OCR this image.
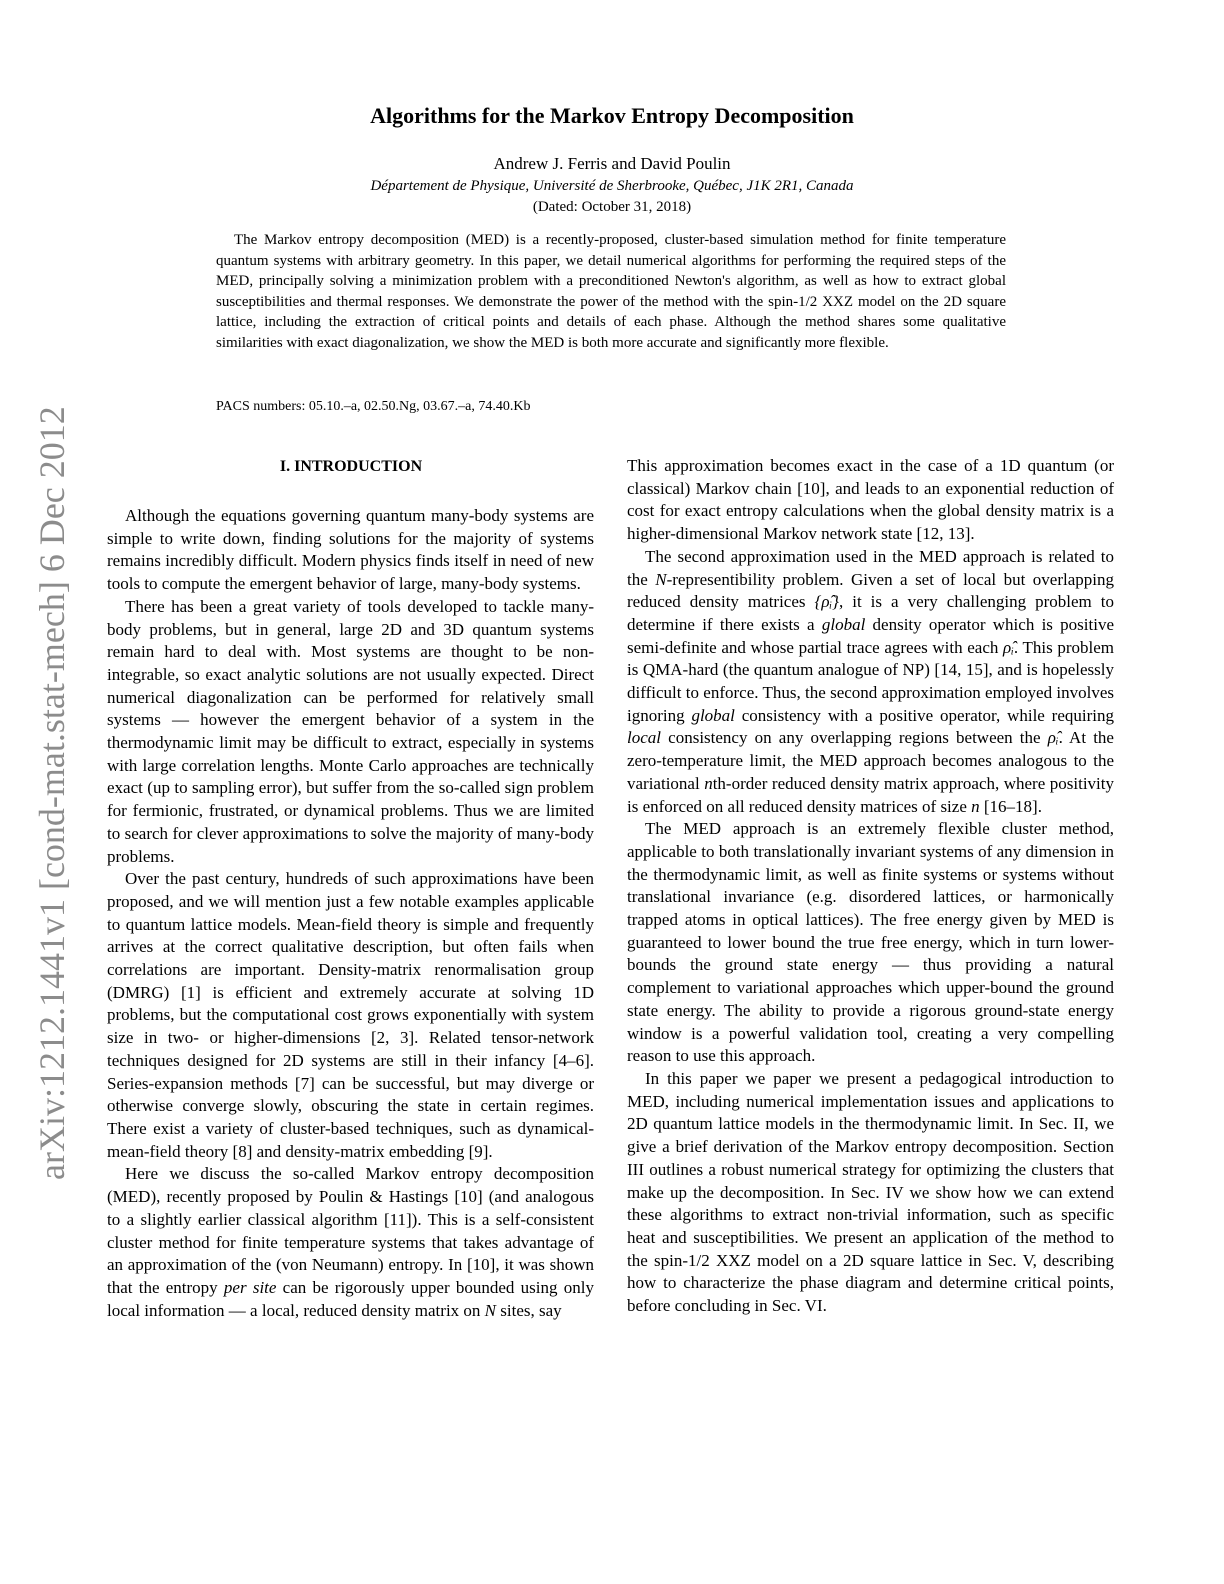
arXiv:1212.1441v1 [cond-mat.stat-mech] 6 Dec 2012
Algorithms for the Markov Entropy Decomposition
Andrew J. Ferris and David Poulin
Département de Physique, Université de Sherbrooke, Québec, J1K 2R1, Canada
(Dated: October 31, 2018)
The Markov entropy decomposition (MED) is a recently-proposed, cluster-based simulation method for finite temperature quantum systems with arbitrary geometry. In this paper, we detail numerical algorithms for performing the required steps of the MED, principally solving a minimization problem with a preconditioned Newton's algorithm, as well as how to extract global susceptibilities and thermal responses. We demonstrate the power of the method with the spin-1/2 XXZ model on the 2D square lattice, including the extraction of critical points and details of each phase. Although the method shares some qualitative similarities with exact diagonalization, we show the MED is both more accurate and significantly more flexible.
PACS numbers: 05.10.–a, 02.50.Ng, 03.67.–a, 74.40.Kb
I. INTRODUCTION

Although the equations governing quantum many-body systems are simple to write down, finding solutions for the majority of systems remains incredibly difficult. Modern physics finds itself in need of new tools to compute the emergent behavior of large, many-body systems.

There has been a great variety of tools developed to tackle many-body problems, but in general, large 2D and 3D quantum systems remain hard to deal with. Most systems are thought to be non-integrable, so exact analytic solutions are not usually expected. Direct numerical diagonalization can be performed for relatively small systems — however the emergent behavior of a system in the thermodynamic limit may be difficult to extract, especially in systems with large correlation lengths. Monte Carlo approaches are technically exact (up to sampling error), but suffer from the so-called sign problem for fermionic, frustrated, or dynamical problems. Thus we are limited to search for clever approximations to solve the majority of many-body problems.

Over the past century, hundreds of such approximations have been proposed, and we will mention just a few notable examples applicable to quantum lattice models. Mean-field theory is simple and frequently arrives at the correct qualitative description, but often fails when correlations are important. Density-matrix renormalisation group (DMRG) [1] is efficient and extremely accurate at solving 1D problems, but the computational cost grows exponentially with system size in two- or higher-dimensions [2, 3]. Related tensor-network techniques designed for 2D systems are still in their infancy [4–6]. Series-expansion methods [7] can be successful, but may diverge or otherwise converge slowly, obscuring the state in certain regimes. There exist a variety of cluster-based techniques, such as dynamical-mean-field theory [8] and density-matrix embedding [9].

Here we discuss the so-called Markov entropy decomposition (MED), recently proposed by Poulin & Hastings [10] (and analogous to a slightly earlier classical algorithm [11]). This is a self-consistent cluster method for finite temperature systems that takes advantage of an approximation of the (von Neumann) entropy. In [10], it was shown that the entropy per site can be rigorously upper bounded using only local information — a local, reduced density matrix on N sites, say

This approximation becomes exact in the case of a 1D quantum (or classical) Markov chain [10], and leads to an exponential reduction of cost for exact entropy calculations when the global density matrix is a higher-dimensional Markov network state [12, 13].

The second approximation used in the MED approach is related to the N-representibility problem. Given a set of local but overlapping reduced density matrices {ρ̂ᵢ}, it is a very challenging problem to determine if there exists a global density operator which is positive semi-definite and whose partial trace agrees with each ρ̂ᵢ. This problem is QMA-hard (the quantum analogue of NP) [14, 15], and is hopelessly difficult to enforce. Thus, the second approximation employed involves ignoring global consistency with a positive operator, while requiring local consistency on any overlapping regions between the ρ̂ᵢ. At the zero-temperature limit, the MED approach becomes analogous to the variational nth-order reduced density matrix approach, where positivity is enforced on all reduced density matrices of size n [16–18].

The MED approach is an extremely flexible cluster method, applicable to both translationally invariant systems of any dimension in the thermodynamic limit, as well as finite systems or systems without translational invariance (e.g. disordered lattices, or harmonically trapped atoms in optical lattices). The free energy given by MED is guaranteed to lower bound the true free energy, which in turn lower-bounds the ground state energy — thus providing a natural complement to variational approaches which upper-bound the ground state energy. The ability to provide a rigorous ground-state energy window is a powerful validation tool, creating a very compelling reason to use this approach.

In this paper we paper we present a pedagogical introduction to MED, including numerical implementation issues and applications to 2D quantum lattice models in the thermodynamic limit. In Sec. II, we give a brief derivation of the Markov entropy decomposition. Section III outlines a robust numerical strategy for optimizing the clusters that make up the decomposition. In Sec. IV we show how we can extend these algorithms to extract non-trivial information, such as specific heat and susceptibilities. We present an application of the method to the spin-1/2 XXZ model on a 2D square lattice in Sec. V, describing how to characterize the phase diagram and determine critical points, before concluding in Sec. VI.
